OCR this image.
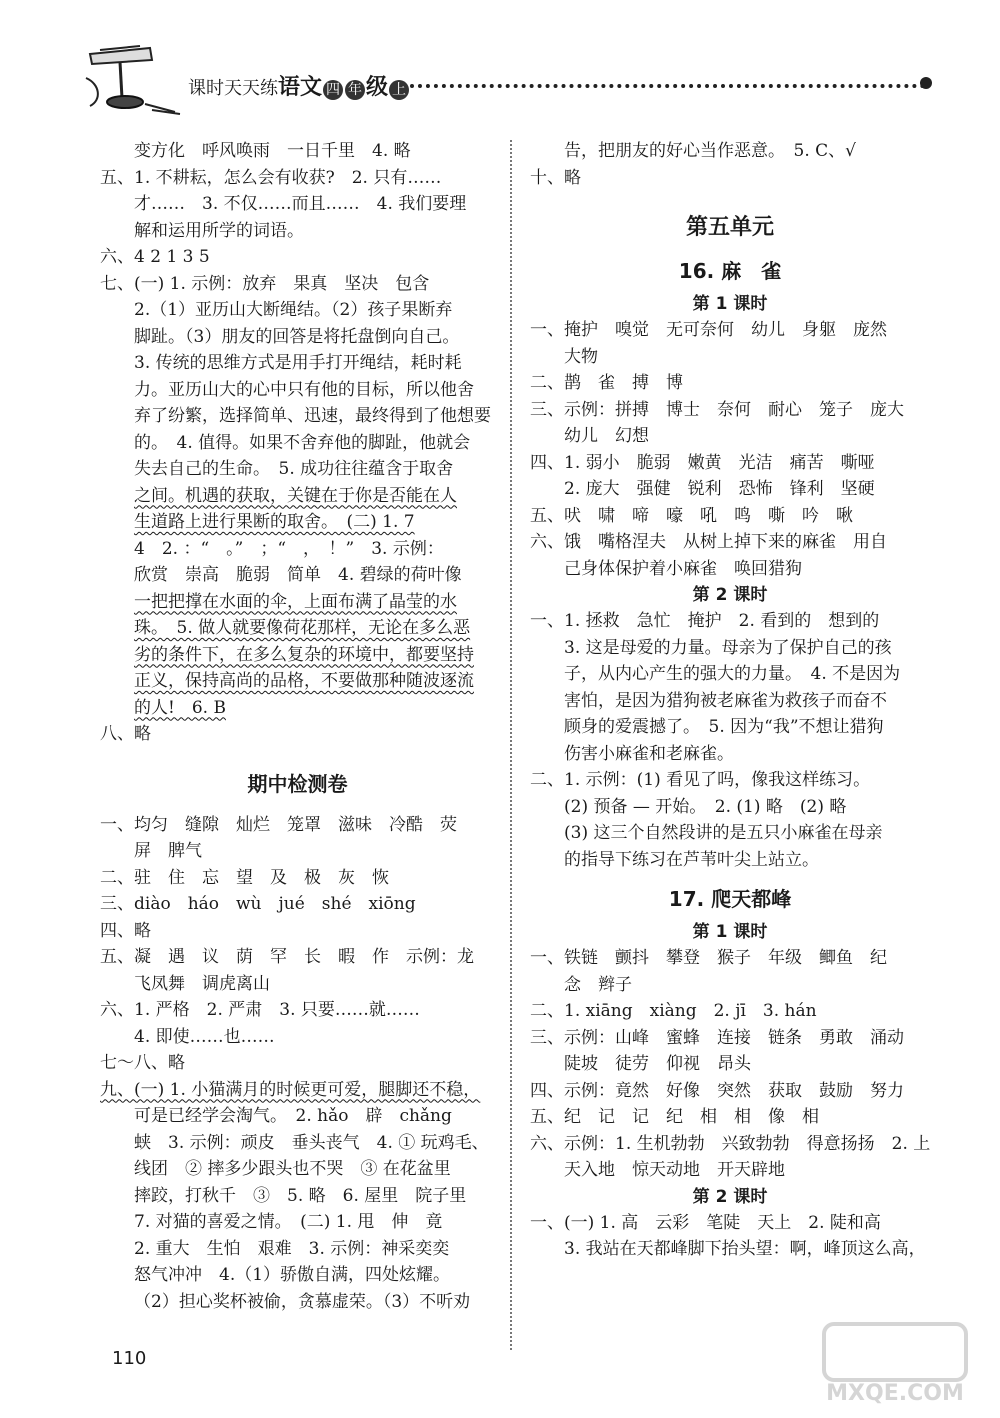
课时天天练语文 四 年 级 上
变方化　呼风唤雨　一日千里　4. 略
五、1. 不耕耘，怎么会有收获?　2. 只有……
才……　3. 不仅……而且……　4. 我们要理
解和运用所学的词语。
六、4 2 1 3 5
七、(一) 1. 示例：放弃　果真　坚决　包含
2.（1）亚历山大断绳结。（2）孩子果断弃
脚趾。（3）朋友的回答是将托盘倒向自己。
3. 传统的思维方式是用手打开绳结，耗时耗
力。亚历山大的心中只有他的目标，所以他舍
弃了纷繁，选择简单、迅速，最终得到了他想要
的。　4. 值得。如果不舍弃他的脚趾，他就会
失去自己的生命。　5. 成功往往蕴含于取舍
之间。机遇的获取，关键在于你是否能在人
生道路上进行果断的取舍。　(二) 1. 7
4　2. ：“　。”　；“　，　！”　3. 示例：
欣赏　崇高　脆弱　简单　4. 碧绿的荷叶像
一把把撑在水面的伞，上面布满了晶莹的水
珠。　5. 做人就要像荷花那样，无论在多么恶
劣的条件下，在多么复杂的环境中，都要坚持
正义，保持高尚的品格，不要做那种随波逐流
的人!　6. B
八、略
期中检测卷
一、均匀　缝隙　灿烂　笼罩　滋味　冷酷　荧
屏　脾气
二、驻　住　忘　望　及　极　灰　恢
三、diào　háo　wù　jué　shé　xiōng
四、略
五、凝　遇　议　荫　罕　长　暇　作　示例：龙
飞凤舞　调虎离山
六、1. 严格　2. 严肃　3. 只要……就……
4. 即使……也……
七～八、略
九、(一) 1. 小猫满月的时候更可爱，腿脚还不稳，
可是已经学会淘气。　2. hǎo　辟　chǎng
蛱　3. 示例：顽皮　垂头丧气　4. ① 玩鸡毛、
线团　② 摔多少跟头也不哭　③ 在花盆里
摔跤，打秋千　③　5. 略　6. 屋里　院子里
7. 对猫的喜爱之情。　(二) 1. 甩　伸　竟
2. 重大　生怕　艰难　3. 示例：神采奕奕
怒气冲冲　4.（1）骄傲自满，四处炫耀。
（2）担心奖杯被偷，贪慕虚荣。（3）不听劝
告，把朋友的好心当作恶意。　5. C、√
十、略
第五单元
16. 麻　雀
第 1 课时
一、掩护　嗅觉　无可奈何　幼儿　身躯　庞然
大物
二、鹊　雀　搏　博
三、示例：拼搏　博士　奈何　耐心　笼子　庞大
幼儿　幻想
四、1. 弱小　脆弱　嫩黄　光洁　痛苦　嘶哑
2. 庞大　强健　锐利　恐怖　锋利　坚硬
五、吠　啸　啼　嚎　吼　鸣　嘶　吟　啾
六、饿　嘴格涅夫　从树上掉下来的麻雀　用自
己身体保护着小麻雀　唤回猎狗
第 2 课时
一、1. 拯救　急忙　掩护　2. 看到的　想到的
3. 这是母爱的力量。母亲为了保护自己的孩
子，从内心产生的强大的力量。　4. 不是因为
害怕，是因为猎狗被老麻雀为救孩子而奋不
顾身的爱震撼了。　5. 因为“我”不想让猎狗
伤害小麻雀和老麻雀。
二、1. 示例：(1) 看见了吗，像我这样练习。
(2) 预备 — 开始。　2. (1) 略　(2) 略
(3) 这三个自然段讲的是五只小麻雀在母亲
的指导下练习在芦苇叶尖上站立。
17. 爬天都峰
第 1 课时
一、铁链　颤抖　攀登　猴子　年级　鲫鱼　纪
念　辫子
二、1. xiāng　xiàng　2. jī　3. hán
三、示例：山峰　蜜蜂　连接　链条　勇敢　涌动
陡坡　徒劳　仰视　昂头
四、示例：竟然　好像　突然　获取　鼓励　努力
五、纪　记　记　纪　相　相　像　相
六、示例：1. 生机勃勃　兴致勃勃　得意扬扬　2. 上
天入地　惊天动地　开天辟地
第 2 课时
一、(一) 1. 高　云彩　笔陡　天上　2. 陡和高
3. 我站在天都峰脚下抬头望：啊，峰顶这么高，
110
MXQE.COM
